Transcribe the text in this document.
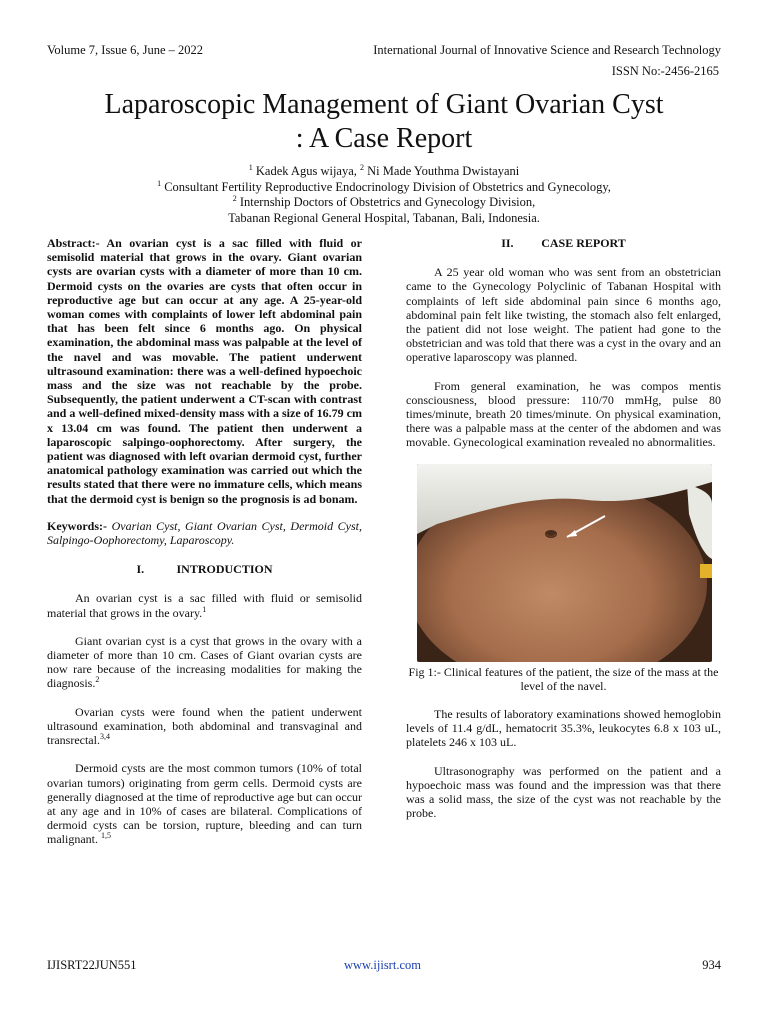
Volume 7, Issue 6, June – 2022	International Journal of Innovative Science and Research Technology
ISSN No:-2456-2165
Laparoscopic Management of Giant Ovarian Cyst
: A Case Report
$^1$ Kadek Agus wijaya, $^2$ Ni Made Youthma Dwistayani
$^1$ Consultant Fertility Reproductive Endocrinology Division of Obstetrics and Gynecology,
$^2$ Internship Doctors of Obstetrics and Gynecology Division,
Tabanan Regional General Hospital, Tabanan, Bali, Indonesia.

Abstract:- An ovarian cyst is a sac filled with fluid or semisolid material that grows in the ovary. Giant ovarian cysts are ovarian cysts with a diameter of more than 10 cm. Dermoid cysts on the ovaries are cysts that often occur in reproductive age but can occur at any age. A 25-year-old woman comes with complaints of lower left abdominal pain that has been felt since 6 months ago. On physical examination, the abdominal mass was palpable at the level of the navel and was movable. The patient underwent ultrasound examination: there was a well-defined hypoechoic mass and the size was not reachable by the probe. Subsequently, the patient underwent a CT-scan with contrast and a well-defined mixed-density mass with a size of 16.79 cm x 13.04 cm was found. The patient then underwent a laparoscopic salpingo-oophorectomy. After surgery, the patient was diagnosed with left ovarian dermoid cyst, further anatomical pathology examination was carried out which the results stated that there were no immature cells, which means that the dermoid cyst is benign so the prognosis is ad bonam.

Keywords:- Ovarian Cyst, Giant Ovarian Cyst, Dermoid Cyst, Salpingo-Oophorectomy, Laparoscopy.

I.	INTRODUCTION

An ovarian cyst is a sac filled with fluid or semisolid material that grows in the ovary.$^1$

Giant ovarian cyst is a cyst that grows in the ovary with a diameter of more than 10 cm. Cases of Giant ovarian cysts are now rare because of the increasing modalities for making the diagnosis.$^2$

Ovarian cysts were found when the patient underwent ultrasound examination, both abdominal and transvaginal and transrectal.$^{3,4}$

Dermoid cysts are the most common tumors (10% of total ovarian tumors) originating from germ cells. Dermoid cysts are generally diagnosed at the time of reproductive age but can occur at any age and in 10% of cases are bilateral. Complications of dermoid cysts can be torsion, rupture, bleeding and can turn malignant. $^{1,5}$

II. CASE REPORT

A 25 year old woman who was sent from an obstetrician came to the Gynecology Polyclinic of Tabanan Hospital with complaints of left side abdominal pain since 6 months ago, abdominal pain felt like twisting, the stomach also felt enlarged, the patient did not lose weight. The patient had gone to the obstetrician and was told that there was a cyst in the ovary and an operative laparoscopy was planned.

From general examination, he was compos mentis consciousness, blood pressure: 110/70 mmHg, pulse 80 times/minute, breath 20 times/minute. On physical examination, there was a palpable mass at the center of the abdomen and was movable. Gynecological examination revealed no abnormalities.

Fig 1:- Clinical features of the patient, the size of the mass at the level of the navel.

The results of laboratory examinations showed hemoglobin levels of 11.4 g/dL, hematocrit 35.3%, leukocytes 6.8 x 103 uL, platelets 246 x 103 uL.

Ultrasonography was performed on the patient and a hypoechoic mass was found and the impression was that there was a solid mass, the size of the cyst was not reachable by the probe.

IJISRT22JUN551	www.ijisrt.com	934
